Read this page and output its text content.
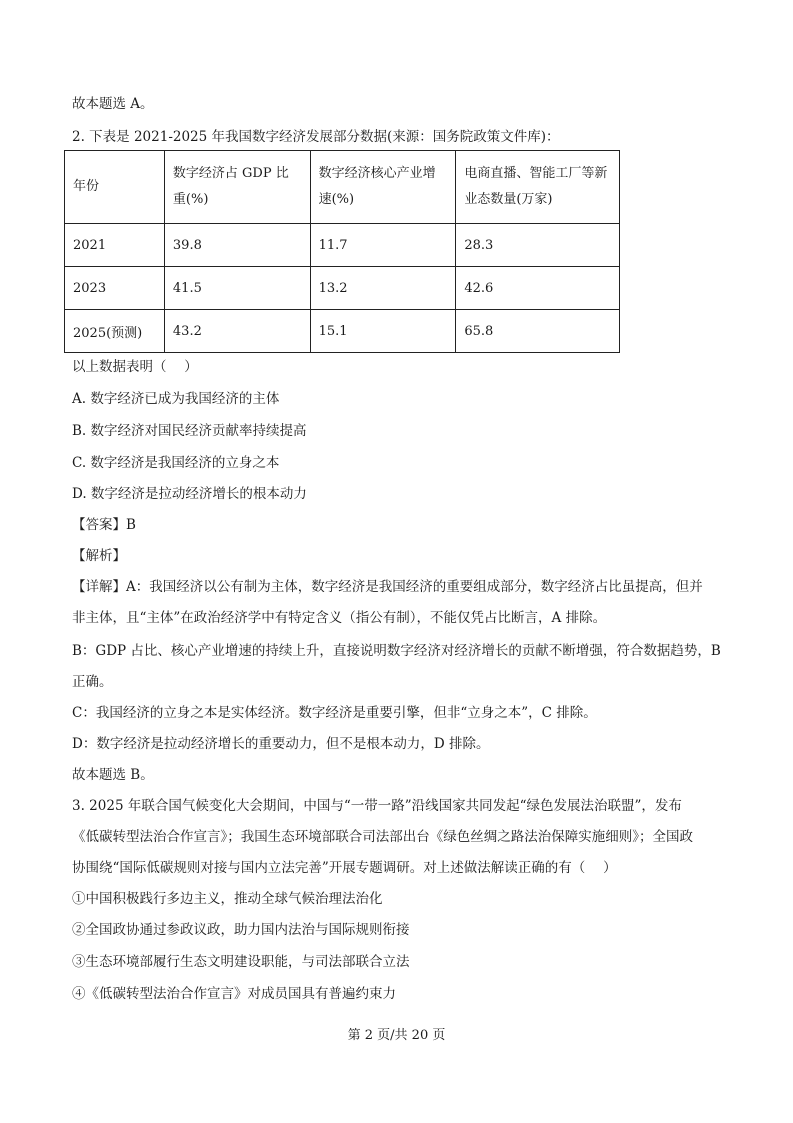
故本题选 A。
2. 下表是 2021-2025 年我国数字经济发展部分数据(来源：国务院政策文件库)：
年份	数字经济占 GDP 比重(%)	数字经济核心产业增速(%)	电商直播、智能工厂等新业态数量(万家)
2021	39.8	11.7	28.3
2023	41.5	13.2	42.6
2025(预测)	43.2	15.1	65.8
以上数据表明（　 ）
A. 数字经济已成为我国经济的主体
B. 数字经济对国民经济贡献率持续提高
C. 数字经济是我国经济的立身之本
D. 数字经济是拉动经济增长的根本动力
【答案】B
【解析】
【详解】A：我国经济以公有制为主体，数字经济是我国经济的重要组成部分，数字经济占比虽提高，但并
非主体，且“主体”在政治经济学中有特定含义（指公有制），不能仅凭占比断言，A 排除。
B：GDP 占比、核心产业增速的持续上升，直接说明数字经济对经济增长的贡献不断增强，符合数据趋势，B
正确。
C：我国经济的立身之本是实体经济。数字经济是重要引擎，但非“立身之本”，C 排除。
D：数字经济是拉动经济增长的重要动力，但不是根本动力，D 排除。
故本题选 B。
3. 2025 年联合国气候变化大会期间，中国与“一带一路”沿线国家共同发起“绿色发展法治联盟”，发布
《低碳转型法治合作宣言》；我国生态环境部联合司法部出台《绿色丝绸之路法治保障实施细则》；全国政
协围绕“国际低碳规则对接与国内立法完善”开展专题调研。对上述做法解读正确的有（　 ）
①中国积极践行多边主义，推动全球气候治理法治化
②全国政协通过参政议政，助力国内法治与国际规则衔接
③生态环境部履行生态文明建设职能，与司法部联合立法
④《低碳转型法治合作宣言》对成员国具有普遍约束力
第 2 页/共 20 页
